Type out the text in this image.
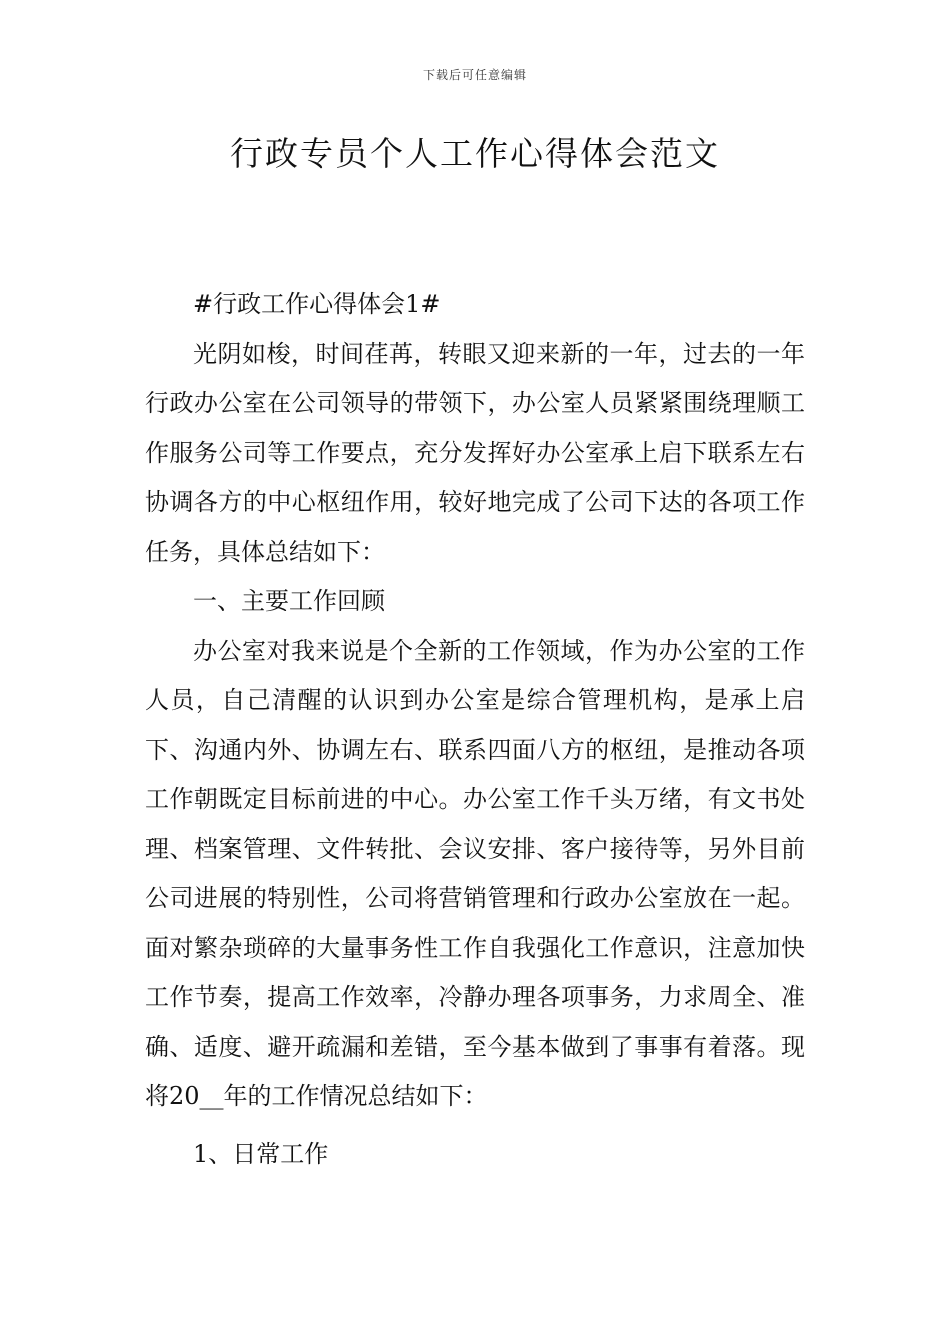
下载后可任意编辑
行政专员个人工作心得体会范文

#行政工作心得体会1#

光阴如梭，时间荏苒，转眼又迎来新的一年，过去的一年行政办公室在公司领导的带领下，办公室人员紧紧围绕理顺工作服务公司等工作要点，充分发挥好办公室承上启下联系左右协调各方的中心枢纽作用，较好地完成了公司下达的各项工作任务，具体总结如下：

一、主要工作回顾

办公室对我来说是个全新的工作领域，作为办公室的工作人员，自己清醒的认识到办公室是综合管理机构，是承上启下、沟通内外、协调左右、联系四面八方的枢纽，是推动各项工作朝既定目标前进的中心。办公室工作千头万绪，有文书处理、档案管理、文件转批、会议安排、客户接待等，另外目前公司进展的特别性，公司将营销管理和行政办公室放在一起。面对繁杂琐碎的大量事务性工作自我强化工作意识，注意加快工作节奏，提高工作效率，冷静办理各项事务，力求周全、准确、适度、避开疏漏和差错，至今基本做到了事事有着落。现将20__年的工作情况总结如下：

1、日常工作
